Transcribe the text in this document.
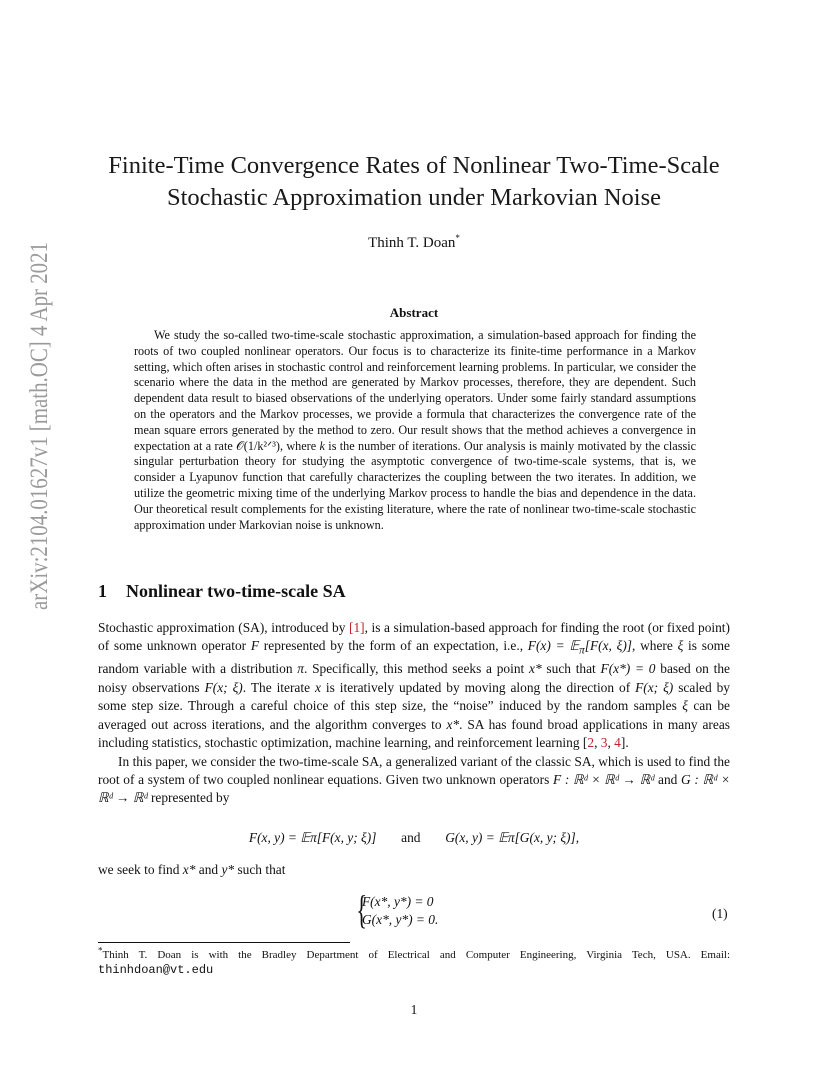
arXiv:2104.01627v1 [math.OC] 4 Apr 2021
Finite-Time Convergence Rates of Nonlinear Two-Time-Scale
Stochastic Approximation under Markovian Noise
Thinh T. Doan*
Abstract

We study the so-called two-time-scale stochastic approximation, a simulation-based approach for finding the roots of two coupled nonlinear operators. Our focus is to characterize its finite-time performance in a Markov setting, which often arises in stochastic control and reinforcement learning problems. In particular, we consider the scenario where the data in the method are generated by Markov processes, therefore, they are dependent. Such dependent data result to biased observations of the underlying operators. Under some fairly standard assumptions on the operators and the Markov processes, we provide a formula that characterizes the convergence rate of the mean square errors generated by the method to zero. Our result shows that the method achieves a convergence in expectation at a rate 𝒪(1/k²ᐟ³), where k is the number of iterations. Our analysis is mainly motivated by the classic singular perturbation theory for studying the asymptotic convergence of two-time-scale systems, that is, we consider a Lyapunov function that carefully characterizes the coupling between the two iterates. In addition, we utilize the geometric mixing time of the underlying Markov process to handle the bias and dependence in the data. Our theoretical result complements for the existing literature, where the rate of nonlinear two-time-scale stochastic approximation under Markovian noise is unknown.

1 Nonlinear two-time-scale SA

Stochastic approximation (SA), introduced by [1], is a simulation-based approach for finding the root (or fixed point) of some unknown operator F represented by the form of an expectation, i.e., F(x) = 𝔼$_\pi$[F(x, ξ)], where ξ is some random variable with a distribution π. Specifically, this method seeks a point x* such that F(x*) = 0 based on the noisy observations F(x; ξ). The iterate x is iteratively updated by moving along the direction of F(x; ξ) scaled by some step size. Through a careful choice of this step size, the “noise” induced by the random samples ξ can be averaged out across iterations, and the algorithm converges to x*. SA has found broad applications in many areas including statistics, stochastic optimization, machine learning, and reinforcement learning [2, 3, 4].

In this paper, we consider the two-time-scale SA, a generalized variant of the classic SA, which is used to find the root of a system of two coupled nonlinear equations. Given two unknown operators F : ℝᵈ × ℝᵈ → ℝᵈ and G : ℝᵈ × ℝᵈ → ℝᵈ represented by

F(x, y) = 𝔼π[F(x, y; ξ)] and G(x, y) = 𝔼π[G(x, y; ξ)],

we seek to find x* and y* such that

{
F(x*, y*) = 0
G(x*, y*) = 0.	(1)
*Thinh T. Doan is with the Bradley Department of Electrical and Computer Engineering, Virginia Tech, USA. Email: thinhdoan@vt.edu
1
